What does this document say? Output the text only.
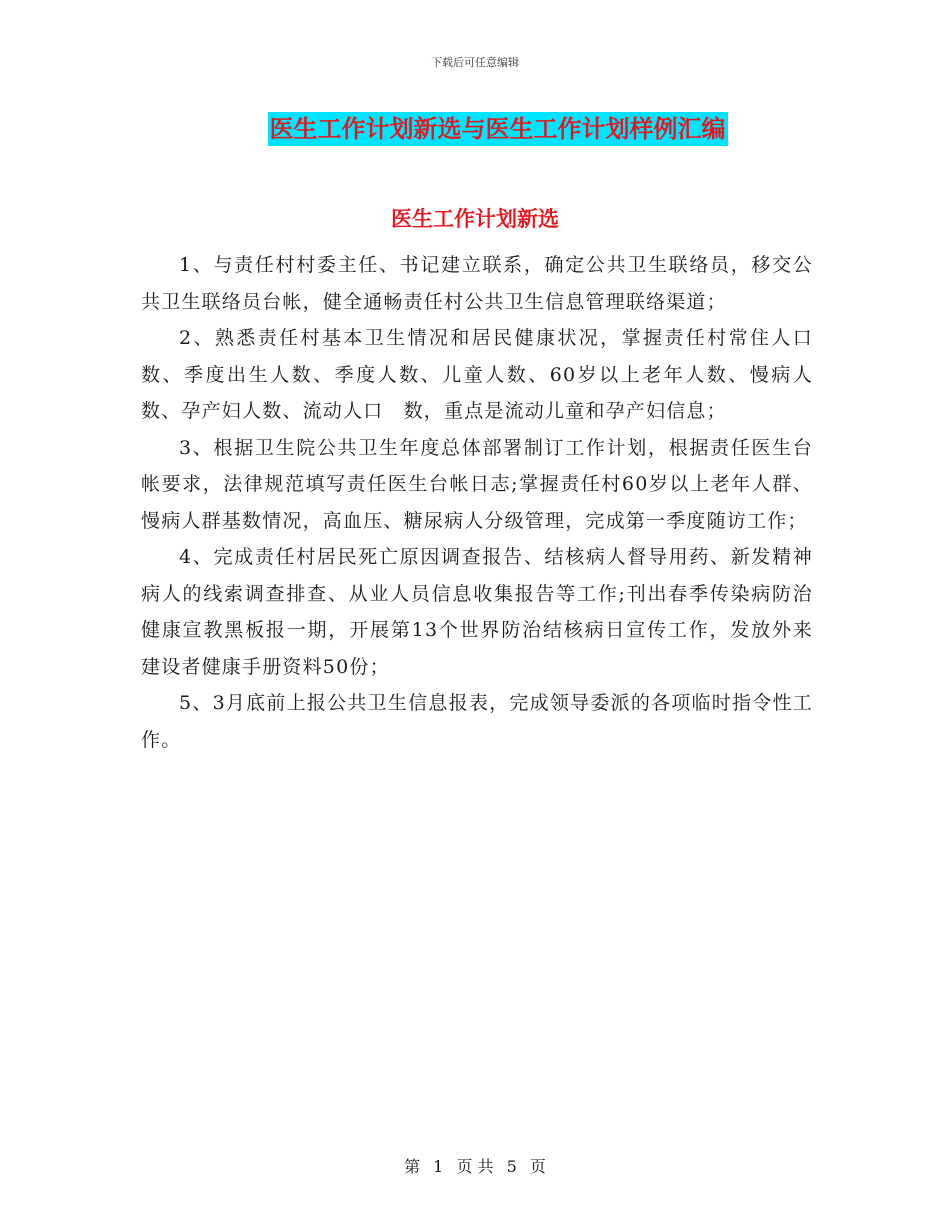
下载后可任意编辑
医生工作计划新选与医生工作计划样例汇编
医生工作计划新选

1、与责任村村委主任、书记建立联系，确定公共卫生联络员，移交公共卫生联络员台帐，健全通畅责任村公共卫生信息管理联络渠道；

2、熟悉责任村基本卫生情况和居民健康状况，掌握责任村常住人口数、季度出生人数、季度人数、儿童人数、60岁以上老年人数、慢病人数、孕产妇人数、流动人口　数，重点是流动儿童和孕产妇信息；

3、根据卫生院公共卫生年度总体部署制订工作计划，根据责任医生台帐要求，法律规范填写责任医生台帐日志;掌握责任村60岁以上老年人群、慢病人群基数情况，高血压、糖尿病人分级管理，完成第一季度随访工作；

4、完成责任村居民死亡原因调查报告、结核病人督导用药、新发精神病人的线索调查排查、从业人员信息收集报告等工作;刊出春季传染病防治健康宣教黑板报一期，开展第13个世界防治结核病日宣传工作，发放外来建设者健康手册资料50份；

5、3月底前上报公共卫生信息报表，完成领导委派的各项临时指令性工作。

第 1 页 共 5 页
